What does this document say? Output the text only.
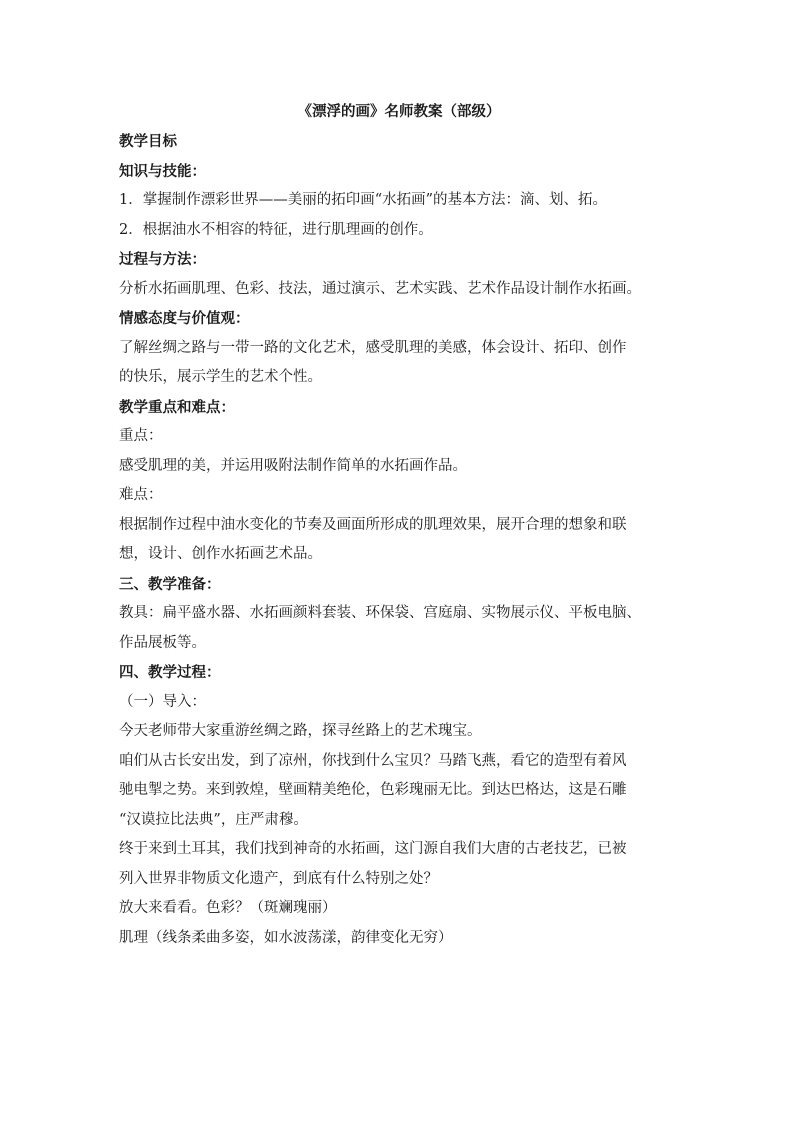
《漂浮的画》名师教案（部级）
教学目标
知识与技能：
1．掌握制作漂彩世界——美丽的拓印画“水拓画”的基本方法：滴、划、拓。
2．根据油水不相容的特征，进行肌理画的创作。
过程与方法：
分析水拓画肌理、色彩、技法，通过演示、艺术实践、艺术作品设计制作水拓画。
情感态度与价值观：
了解丝绸之路与一带一路的文化艺术，感受肌理的美感，体会设计、拓印、创作
的快乐，展示学生的艺术个性。
教学重点和难点：
重点：
感受肌理的美，并运用吸附法制作简单的水拓画作品。
难点：
根据制作过程中油水变化的节奏及画面所形成的肌理效果，展开合理的想象和联
想，设计、创作水拓画艺术品。
三、教学准备：
教具：扁平盛水器、水拓画颜料套装、环保袋、宫庭扇、实物展示仪、平板电脑、
作品展板等。
四、教学过程：
（一）导入：
今天老师带大家重游丝绸之路，探寻丝路上的艺术瑰宝。
咱们从古长安出发，到了凉州，你找到什么宝贝？马踏飞燕，看它的造型有着风
驰电掣之势。来到敦煌，壁画精美绝伦，色彩瑰丽无比。到达巴格达，这是石雕
“汉谟拉比法典”，庄严肃穆。
终于来到土耳其，我们找到神奇的水拓画，这门源自我们大唐的古老技艺，已被
列入世界非物质文化遗产，到底有什么特别之处？
放大来看看。色彩？（斑斓瑰丽）
肌理（线条柔曲多姿，如水波荡漾，韵律变化无穷）
